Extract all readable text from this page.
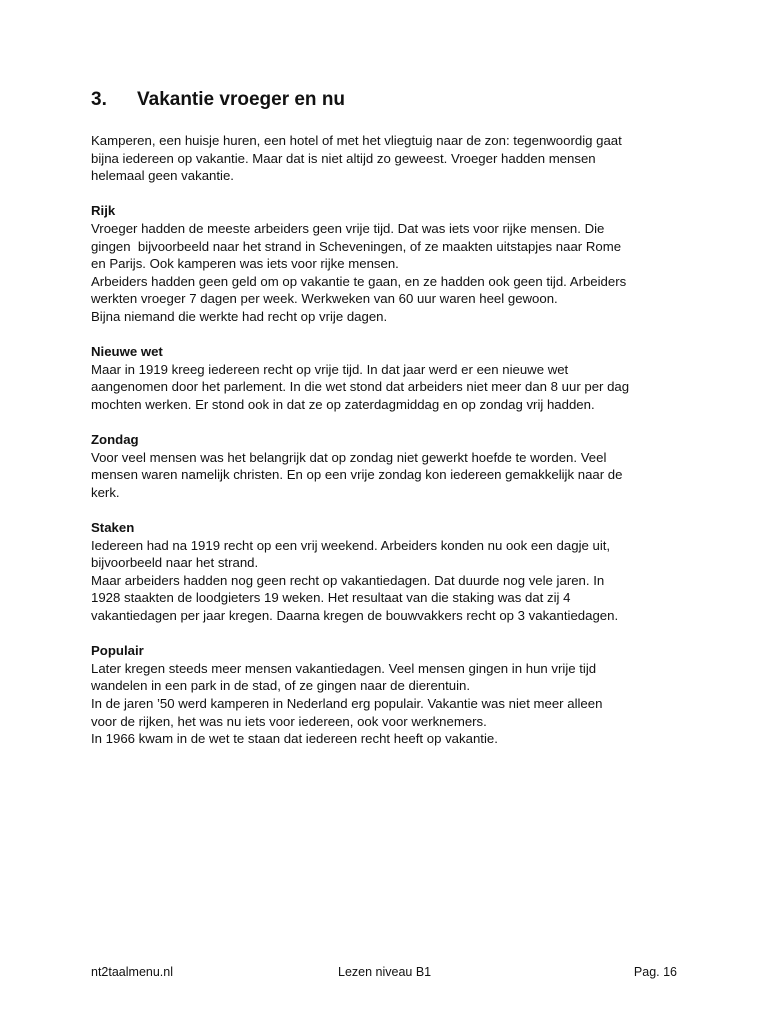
3. Vakantie vroeger en nu

Kamperen, een huisje huren, een hotel of met het vliegtuig naar de zon: tegenwoordig gaat
bijna iedereen op vakantie. Maar dat is niet altijd zo geweest. Vroeger hadden mensen
helemaal geen vakantie.

Rijk
Vroeger hadden de meeste arbeiders geen vrije tijd. Dat was iets voor rijke mensen. Die
gingen  bijvoorbeeld naar het strand in Scheveningen, of ze maakten uitstapjes naar Rome
en Parijs. Ook kamperen was iets voor rijke mensen.
Arbeiders hadden geen geld om op vakantie te gaan, en ze hadden ook geen tijd. Arbeiders
werkten vroeger 7 dagen per week. Werkweken van 60 uur waren heel gewoon.
Bijna niemand die werkte had recht op vrije dagen.
Nieuwe wet
Maar in 1919 kreeg iedereen recht op vrije tijd. In dat jaar werd er een nieuwe wet
aangenomen door het parlement. In die wet stond dat arbeiders niet meer dan 8 uur per dag
mochten werken. Er stond ook in dat ze op zaterdagmiddag en op zondag vrij hadden.
Zondag
Voor veel mensen was het belangrijk dat op zondag niet gewerkt hoefde te worden. Veel
mensen waren namelijk christen. En op een vrije zondag kon iedereen gemakkelijk naar de
kerk.
Staken
Iedereen had na 1919 recht op een vrij weekend. Arbeiders konden nu ook een dagje uit,
bijvoorbeeld naar het strand.
Maar arbeiders hadden nog geen recht op vakantiedagen. Dat duurde nog vele jaren. In
1928 staakten de loodgieters 19 weken. Het resultaat van die staking was dat zij 4
vakantiedagen per jaar kregen. Daarna kregen de bouwvakkers recht op 3 vakantiedagen.
Populair
Later kregen steeds meer mensen vakantiedagen. Veel mensen gingen in hun vrije tijd
wandelen in een park in de stad, of ze gingen naar de dierentuin.
In de jaren ’50 werd kamperen in Nederland erg populair. Vakantie was niet meer alleen
voor de rijken, het was nu iets voor iedereen, ook voor werknemers.
In 1966 kwam in de wet te staan dat iedereen recht heeft op vakantie.
nt2taalmenu.nl	Lezen niveau B1	Pag. 16
